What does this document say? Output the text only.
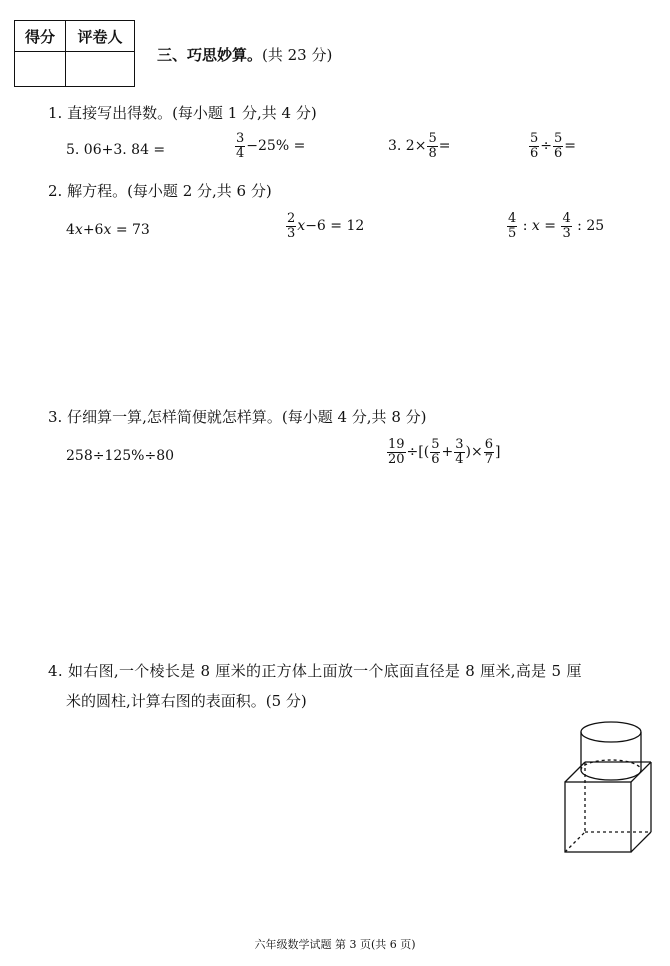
得分	评卷人

三、巧思妙算。(共 23 分)
1. 直接写出得数。(每小题 1 分,共 4 分)
5. 06+3. 84 =	$\frac{3}{4} -25\%$ =	3. $2\times \frac{5}{8}$ =	$\frac{5}{6} \div \frac{5}{6}$ =
2. 解方程。(每小题 2 分,共 6 分)
4x+6x = 73	$\frac{2}{3} x-6 = 12$	$\frac{4}{5}$ : $x = \frac{4}{3}$ : 25
3. 仔细算一算,怎样简便就怎样算。(每小题 4 分,共 8 分)
258÷125%÷80	$\frac{19}{20}$ ÷[( $\frac{5}{6} + \frac{3}{4}$ )× $\frac{6}{7}$ ]
4. 如右图,一个棱长是 8 厘米的正方体上面放一个底面直径是 8 厘米,高是 5 厘
米的圆柱,计算右图的表面积。(5 分)
六年级数学试题 第 3 页(共 6 页)
